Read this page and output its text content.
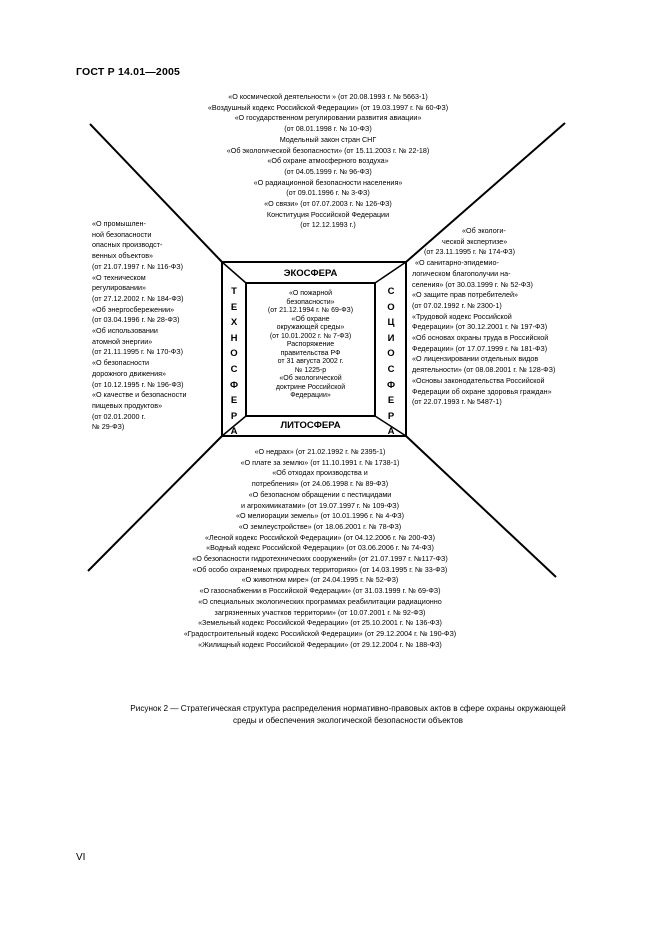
ГОСТ Р 14.01—2005
«О космической деятельности » (от 20.08.1993 г. № 5663-1)
«Воздушный кодекс Российской Федерации» (от 19.03.1997 г. № 60-ФЗ)
«О государственном регулировании развития авиации»
(от 08.01.1998 г. № 10-ФЗ)
Модельный закон стран СНГ
«Об экологической безопасности» (от 15.11.2003 г. № 22-18)
«Об охране атмосферного воздуха»
(от 04.05.1999 г. № 96-ФЗ)
«О радиационной безопасности населения»
(от 09.01.1996 г. № 3-ФЗ)
«О связи» (от 07.07.2003 г. № 126-ФЗ)
Конституция Российской Федерации
(от 12.12.1993 г.)
«О промышлен-
ной безопасности
опасных производст-
венных объектов»
(от 21.07.1997 г. № 116-ФЗ)
«О техническом
регулировании»
(от 27.12.2002 г. № 184-ФЗ)
«Об энергосбережении»
(от 03.04.1996 г. № 28-ФЗ)
«Об использовании
атомной энергии»
(от 21.11.1995 г. № 170-ФЗ)
«О безопасности
дорожного движения»
(от 10.12.1995 г. № 196-ФЗ)
«О качестве и безопасности
пищевых продуктов»
(от 02.01.2000 г.
№ 29-ФЗ)
«Об экологи-
ческой экспертизе»
(от 23.11.1995 г. № 174-ФЗ)
«О санитарно-эпидемио-
логическом благополучии на-
селения» (от 30.03.1999 г. № 52-ФЗ)
«О защите прав потребителей»
(от 07.02.1992 г. № 2300-1)
«Трудовой кодекс Российской
Федерации» (от 30.12.2001 г. № 197-ФЗ)
«Об основах охраны труда в Российской
Федерации» (от 17.07.1999 г. № 181-ФЗ)
«О лицензировании отдельных видов
деятельности» (от 08.08.2001 г. № 128-ФЗ)
«Основы законодательства Российской
Федерации об охране здоровья граждан»
(от 22.07.1993 г. № 5487-1)
ЭКОСФЕРА
ЛИТОСФЕРА
Т
Е
Х
Н
О
С
Ф
Е
Р
А
С
О
Ц
И
О
С
Ф
Е
Р
А
«О пожарной
безопасности»
(от 21.12.1994 г. № 69-ФЗ)
«Об охране
окружающей среды»
(от 10.01.2002 г. № 7-ФЗ)
Распоряжение
правительства РФ
от 31 августа 2002 г.
№ 1225-р
«Об экологической
доктрине Российской
Федерации»
«О недрах» (от 21.02.1992 г. № 2395-1)
«О плате за землю» (от 11.10.1991 г. № 1738-1)
«Об отходах производства и
потребления» (от 24.06.1998 г. № 89-ФЗ)
«О безопасном обращении с пестицидами
и агрохимикатами» (от 19.07.1997 г. № 109-ФЗ)
«О мелиорации земель» (от 10.01.1996 г. № 4-ФЗ)
«О землеустройстве» (от 18.06.2001 г. № 78-ФЗ)
«Лесной кодекс Российской Федерации» (от 04.12.2006 г. № 200-ФЗ)
«Водный кодекс Российской Федерации» (от 03.06.2006 г. № 74-ФЗ)
«О безопасности гидротехнических сооружений» (от 21.07.1997 г. №117-ФЗ)
«Об особо охраняемых природных территориях» (от 14.03.1995 г. № 33-ФЗ)
«О животном мире» (от 24.04.1995 г. № 52-ФЗ)
«О газоснабжении в Российской Федерации» (от 31.03.1999 г. № 69-ФЗ)
«О специальных экологических программах реабилитации радиационно
загрязненных участков территории» (от 10.07.2001 г. № 92-ФЗ)
«Земельный кодекс Российской Федерации» (от 25.10.2001 г. № 136-ФЗ)
«Градостроительный кодекс Российской Федерации» (от 29.12.2004 г. № 190-ФЗ)
«Жилищный кодекс Российской Федерации» (от 29.12.2004 г. № 188-ФЗ)
Рисунок 2 — Стратегическая структура распределения нормативно-правовых актов в сфере охраны окружающей
среды и обеспечения экологической безопасности объектов
VI
